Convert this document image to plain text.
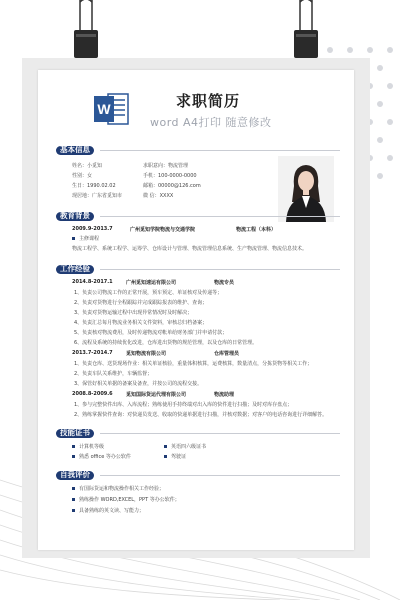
W	求职简历
word A4打印 随意修改
基本信息
姓名：小觅知	求职意向：物流管理
性别：女	手机：100-0000-0000
生日：1990.02.02	邮箱：00000@126.com
现居地：广东省觅知市	微 信：XXXX
教育背景
2009.9-2013.7	广州觅知学院物流与交通学院	物流工程（本科）
主修课程
物流工程学、系统工程学、运筹学、仓库设计与管理、物流管理信息系统、生产物流管理、物流信息技术。
工作经验
2014.8-2017.1	广州觅知速运有限公司	物流专员
1、负责公司物流工作的正常开展，预车预定、单证核对及传递等；
2、负责对货物进行全程跟踪并完成跟踪报表的维护、查询；
3、负责对货物运输过程中出现异常情况时及时解决；
4、负责汇总每月物流业务相关文件资料，审核总归档备案；
5、负责核对物流费用，及时传递物流对帐单给财务部门并申请付款；
6、流程及系统的持续优化改进，仓库进出货物的规范管理，以及仓库的日常管理。
2013.7-2014.7	觅知物流有限公司	仓库管理员
1、负责仓库、送货现场作业：相关单证核验，重量体积核算，运费核算，数量清点，分拣货物等相关工作；
2、负责车队关系维护，车辆监督；
3、保管好相关单据的备案及备查，并按公司的流程交接。
2008.8-2009.6	觅知国际货运代理有限公司	物流助理
1、参与完整快件出库、入库流程；熟练使用手持终端对出入库的快件进行扫描；及时对库存盘点；
2、熟练掌握快件查询：对快递员发送、收取的快递单据进行扫描，并核对数据；对客户的电话咨询进行详细解答。
技能证书
计算机等级	英语四六级证书
熟悉 office 等办公软件	驾驶证
自我评价
有国际货运和物流操作相关工作经验；
熟练操作 WORD,EXCEL，PPT 等办公软件；
具备熟练的英文读、写能力；
